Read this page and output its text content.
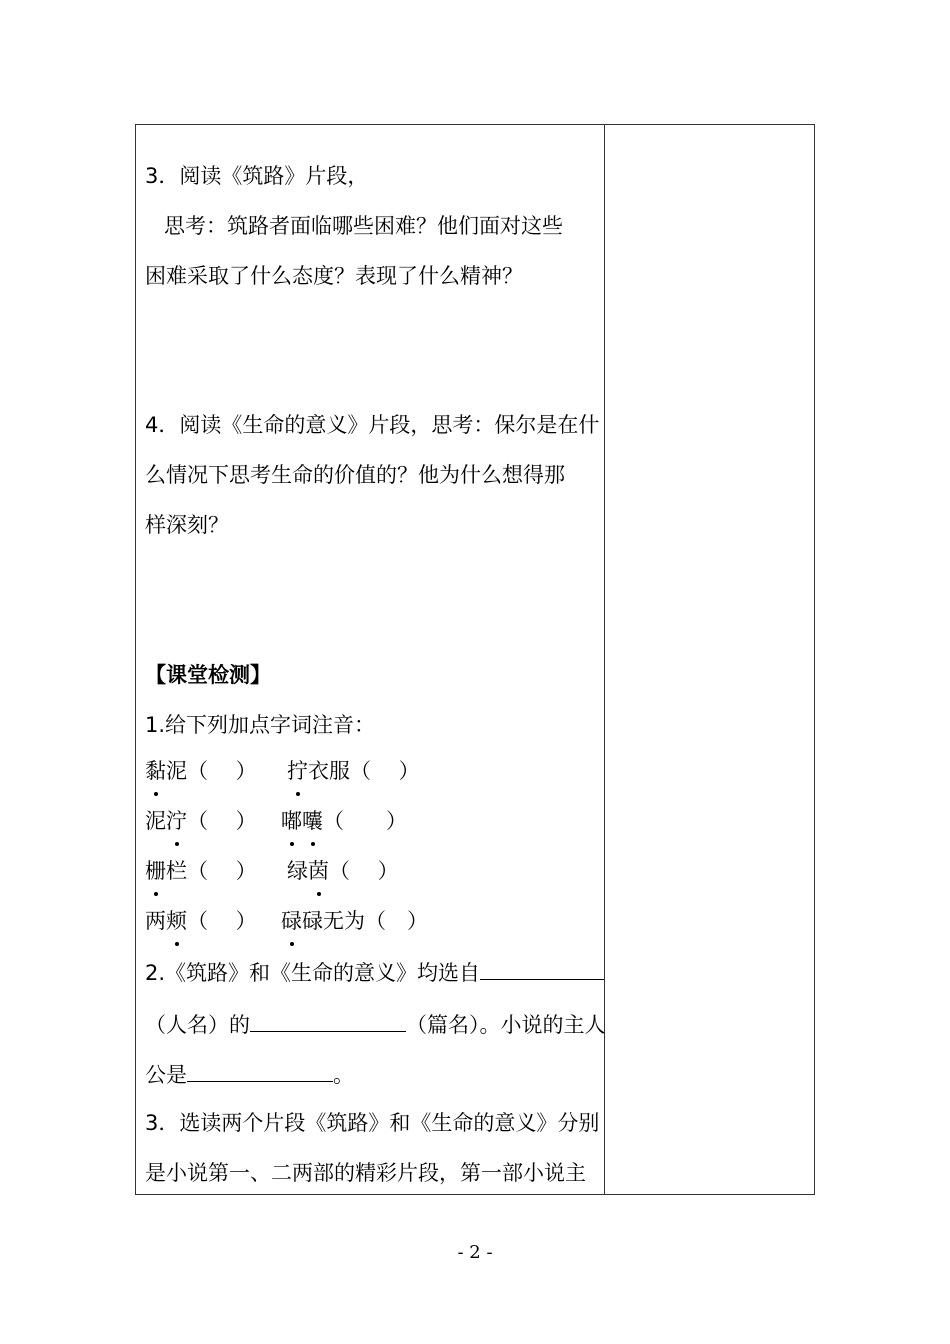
3．阅读《筑路》片段，
思考：筑路者面临哪些困难？他们面对这些
困难采取了什么态度？表现了什么精神？
4．阅读《生命的意义》片段，思考：保尔是在什
么情况下思考生命的价值的？他为什么想得那
样深刻？
【课堂检测】
1.给下列加点字词注音：
黏泥（　 ） 拧衣服（　 ）
泥泞（　 ） 嘟囔（　　）
栅栏（　 ） 绿茵（　 ）
两颊（　 ） 碌碌无为（　）
2.《筑路》和《生命的意义》均选自
（人名）的	（篇名）。小说的主人
公是	。
3．选读两个片段《筑路》和《生命的意义》分别
是小说第一、二两部的精彩片段，第一部小说主
- 2 -
